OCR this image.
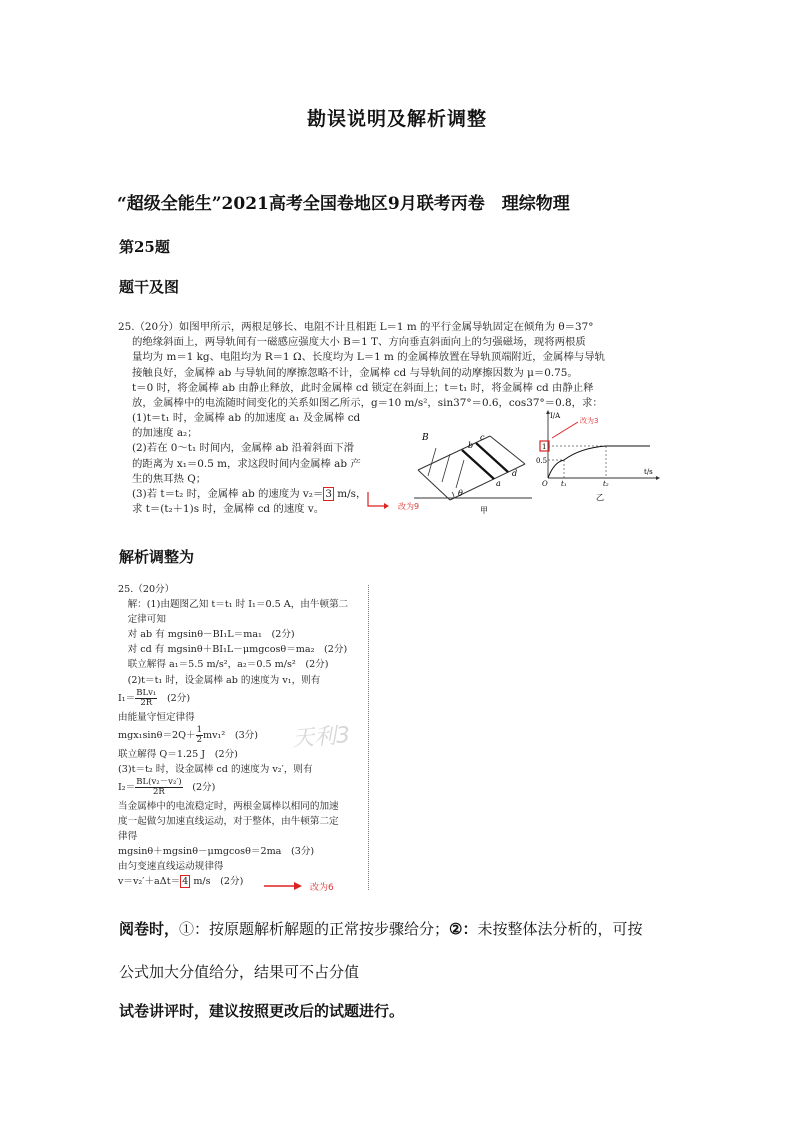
勘误说明及解析调整
“超级全能生”2021高考全国卷地区9月联考丙卷　理综物理
第25题
题干及图
25.（20分）如图甲所示，两根足够长、电阻不计且相距 L＝1 m 的平行金属导轨固定在倾角为 θ＝37°
的绝缘斜面上，两导轨间有一磁感应强度大小 B＝1 T、方向垂直斜面向上的匀强磁场，现将两根质
量均为 m＝1 kg、电阻均为 R＝1 Ω、长度均为 L＝1 m 的金属棒放置在导轨顶端附近，金属棒与导轨
接触良好，金属棒 ab 与导轨间的摩擦忽略不计，金属棒 cd 与导轨间的动摩擦因数为 μ＝0.75。
t＝0 时，将金属棒 ab 由静止释放，此时金属棒 cd 锁定在斜面上；t＝t₁ 时，将金属棒 cd 由静止释
放，金属棒中的电流随时间变化的关系如图乙所示，g＝10 m/s²，sin37°＝0.6，cos37°＝0.8，求：
(1)t＝t₁ 时，金属棒 ab 的加速度 a₁ 及金属棒 cd
的加速度 a₂；
(2)若在 0～t₁ 时间内，金属棒 ab 沿着斜面下滑
的距离为 x₁＝0.5 m，求这段时间内金属棒 ab 产
生的焦耳热 Q；
(3)若 t＝t₂ 时，金属棒 ab 的速度为 v₂＝ 3 m/s，
求 t＝(t₂＋1)s 时，金属棒 cd 的速度 v。	改为9
B
b
a
c
d
θ
甲
1
0.5
I/A
t/s
O t₁	t₂
乙
改为3
解析调整为
25.（20分）
　解：(1)由题图乙知 t＝t₁ 时 I₁＝0.5 A，由牛顿第二
　定律可知
　对 ab 有 mgsinθ－BI₁L＝ma₁　(2分)
　对 cd 有 mgsinθ＋BI₁L－μmgcosθ＝ma₂　(2分)
　联立解得 a₁＝5.5 m/s²，a₂＝0.5 m/s²　(2分)
　(2)t＝t₁ 时，设金属棒 ab 的速度为 v₁，则有
$I_1= \frac{\text{BLv₁}}{2R}$
　 (2分)
由能量守恒定律得
$mgx_1\sin\theta=2Q+ \frac{1}{2} mv_1^2$　(3分)
联立解得 Q＝1.25 J　(2分)
(3)t＝t₂ 时，设金属棒 cd 的速度为 v₂′，则有
$I_2= \frac{\text{BL(v₂－v₂′)}}{2R}$
　 (2分)
当金属棒中的电流稳定时，两根金属棒以相同的加速
度一起做匀加速直线运动，对于整体，由牛顿第二定
律得
mgsinθ＋mgsinθ－μmgcosθ＝2ma　(3分)
由匀变速直线运动规律得
v＝v₂′＋aΔt＝ 4 m/s　(2分)
天利3
改为6
阅卷时，①：按原题解析解题的正常按步骤给分；②：未按整体法分析的，可按
公式加大分值给分，结果可不占分值
试卷讲评时，建议按照更改后的试题进行。
